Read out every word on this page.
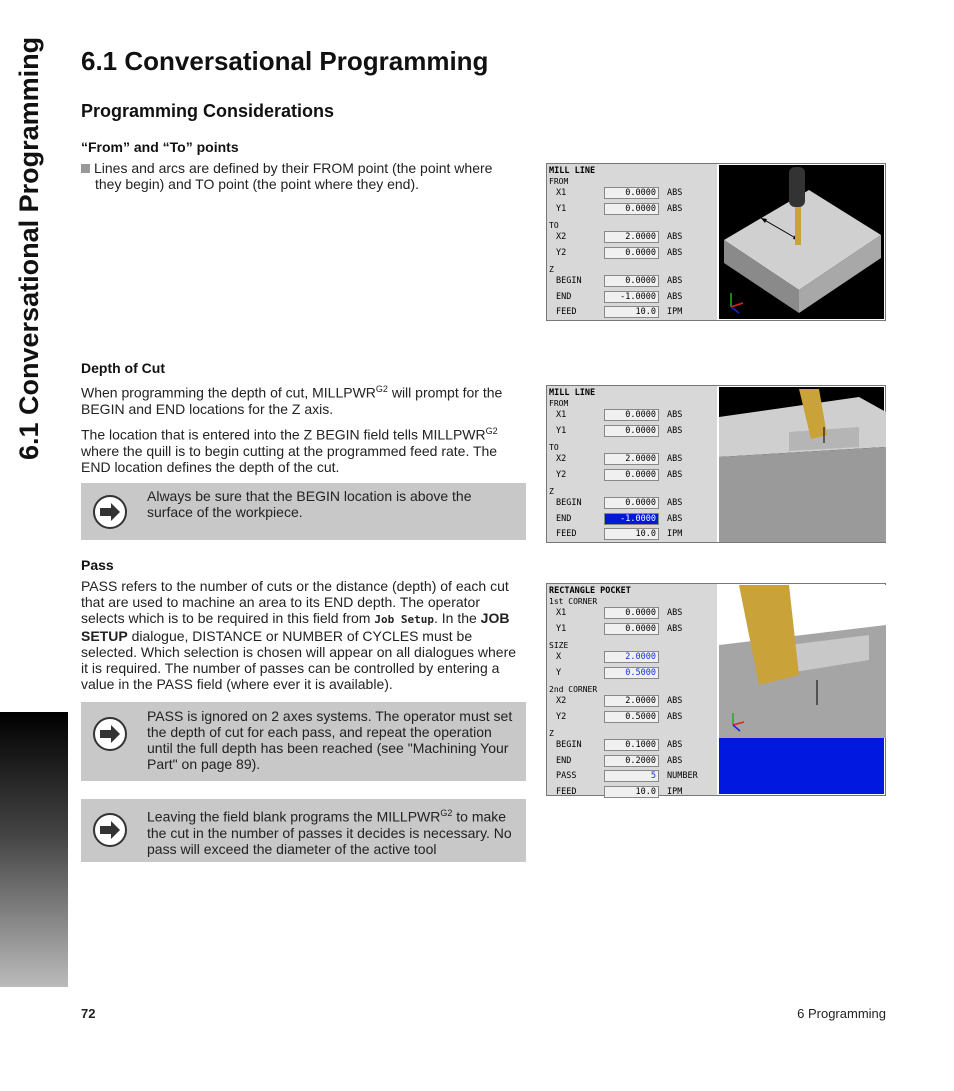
6.1 Conversational Programming 6.1 Conversational Programming
Programming Considerations
“From” and “To” points
Lines and arcs are defined by their FROM point (the point where they begin) and TO point (the point where they end).
Depth of Cut
When programming the depth of cut, $MILLPWR^{G2}$ will prompt for the BEGIN and END locations for the Z axis.
The location that is entered into the Z BEGIN field tells $MILLPWR^{G2}$ where the quill is to begin cutting at the programmed feed rate. The END location defines the depth of the cut.
Always be sure that the BEGIN location is above the surface of the workpiece.
Pass
PASS refers to the number of cuts or the distance (depth) of each cut that are used to machine an area to its END depth. The operator selects which is to be required in this field from Job Setup. In the JOB SETUP dialogue, DISTANCE or NUMBER of CYCLES must be selected. Which selection is chosen will appear on all dialogues where it is required. The number of passes can be controlled by entering a value in the PASS field (where ever it is available).
PASS is ignored on 2 axes systems. The operator must set the depth of cut for each pass, and repeat the operation until the full depth has been reached (see "Machining Your Part" on page 89).
Leaving the field blank programs the $MILLPWR^{G2}$ to make the cut in the number of passes it decides is necessary. No pass will exceed the diameter of the active tool
MILL LINE
FROM
X1	0.0000	ABS
Y1	0.0000	ABS
TO
X2	2.0000	ABS
Y2	0.0000	ABS
Z
BEGIN	0.0000	ABS
END	-1.0000	ABS
FEED	10.0	IPM
MILL LINE
FROM
X1	0.0000	ABS
Y1	0.0000	ABS
TO
X2	2.0000	ABS
Y2	0.0000	ABS
Z
BEGIN	0.0000	ABS
END	-1.0000	ABS
FEED	10.0	IPM
RECTANGLE POCKET
1st CORNER
X1	0.0000	ABS
Y1	0.0000	ABS
SIZE
X	2.0000
Y	0.5000
2nd CORNER
X2	2.0000	ABS
Y2	0.5000	ABS
Z
BEGIN	0.1000	ABS
END	0.2000	ABS
PASS	5	NUMBER
FEED	10.0	IPM
72	6 Programming
